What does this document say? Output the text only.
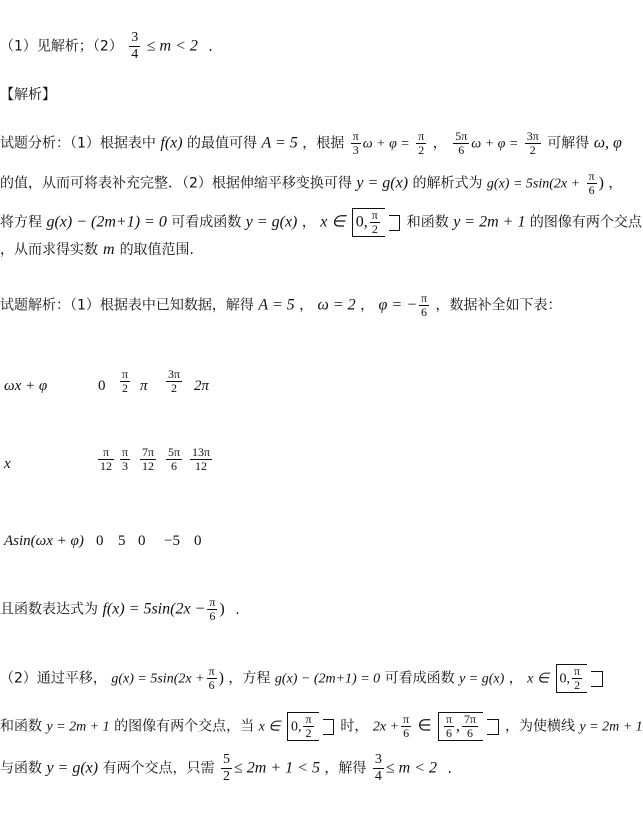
（1）见解析；$(2) \frac{3}{4} \le m < 2$ .
【解析】
试题分析：（1）根据表中 f(x) 的最值可得 A = 5 ，根据 $\frac{\pi}{3}$ $\omega + \varphi = \frac{\pi}{2}$ ， $\frac{5\pi}{6}$ $\omega + \varphi = \frac{3\pi}{2}$ 可解得 ω, φ
的值，从而可将表补充完整．（2）根据伸缩平移变换可得 y = g(x) 的解析式为 $g(x) = 5\sin(2x + \frac{\pi}{6}$ ) ，
将方程 g(x) − (2m+1) = 0 可看成函数 y = g(x) ， x ∈ 0, $\frac{\pi}{2}$ 和函数 y = 2m + 1 的图像有两个交点
，从而求得实数 m 的取值范围.
试题解析：（1）根据表中已知数据，解得 A = 5 ， ω = 2 ， φ = − $\frac{\pi}{6}$ ，数据补全如下表：
ωx + φ	$0 \frac{\pi}{2}$ π $\frac{3\pi}{2} 2\pi$
x	$\frac{\pi}{12} \frac{\pi}{3} \frac{7\pi}{12} \frac{5\pi}{6} \frac{13\pi}{12}$
Asin(ωx + φ) 0 5 0 −5 0
且函数表达式为 $f(x) = 5\sin(2x - \frac{\pi}{6}$ ) .
（2）通过平移， $g(x) = 5\sin(2x + \frac{\pi}{6}$ ) ，方程 g(x) − (2m+1) = 0 可看成函数 y = g(x) ， x ∈ 0, $\frac{\pi}{2}$

和函数 y = 2m + 1 的图像有两个交点，当 x ∈ 0, $\frac{\pi}{2}$ 时， $2x + \frac{\pi}{6}$ ∈ $\frac{\pi}{6}$ , $\frac{7\pi}{6}$ ，为使横线 y = 2m + 1
与函数 y = g(x) 有两个交点，只需 $\frac{5}{2} \le 2m + 1 < 5$ ，解得 $\frac{3}{4} \le m < 2$ .
